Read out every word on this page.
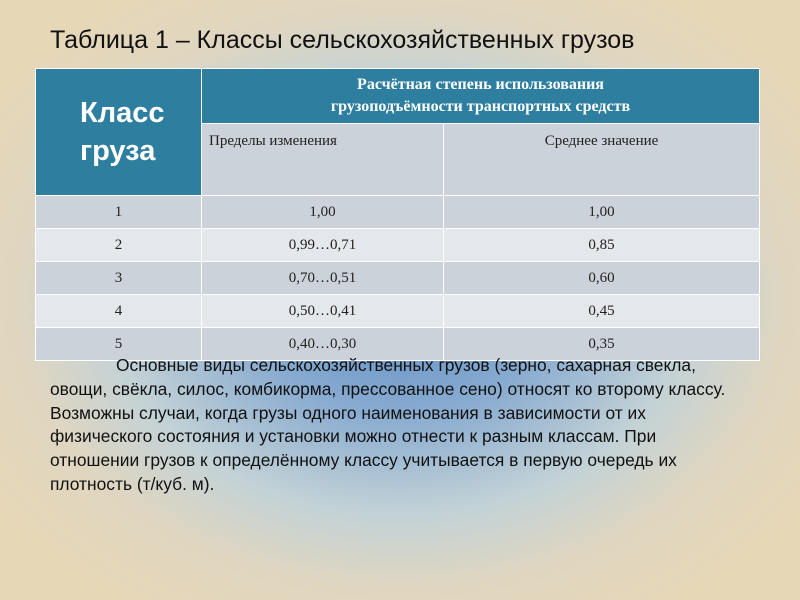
Таблица 1 – Классы сельскохозяйственных грузов
Класс
груза	Расчётная степень использования
грузоподъёмности транспортных средств	

	Пределы изменения	Среднее значение
1	1,00	1,00
2	0,99…0,71	0,85
3	0,70…0,51	0,60
4	0,50…0,41	0,45
5	0,40…0,30	0,35

Основные виды сельскохозяйственных грузов (зерно, сахарная свекла, овощи, свёкла, силос, комбикорма, прессованное сено) относят ко второму классу. Возможны случаи, когда грузы одного наименования в зависимости от их физического состояния и установки можно отнести к разным классам. При отношении грузов к определённому классу учитывается в первую очередь их плотность (т/куб. м).
